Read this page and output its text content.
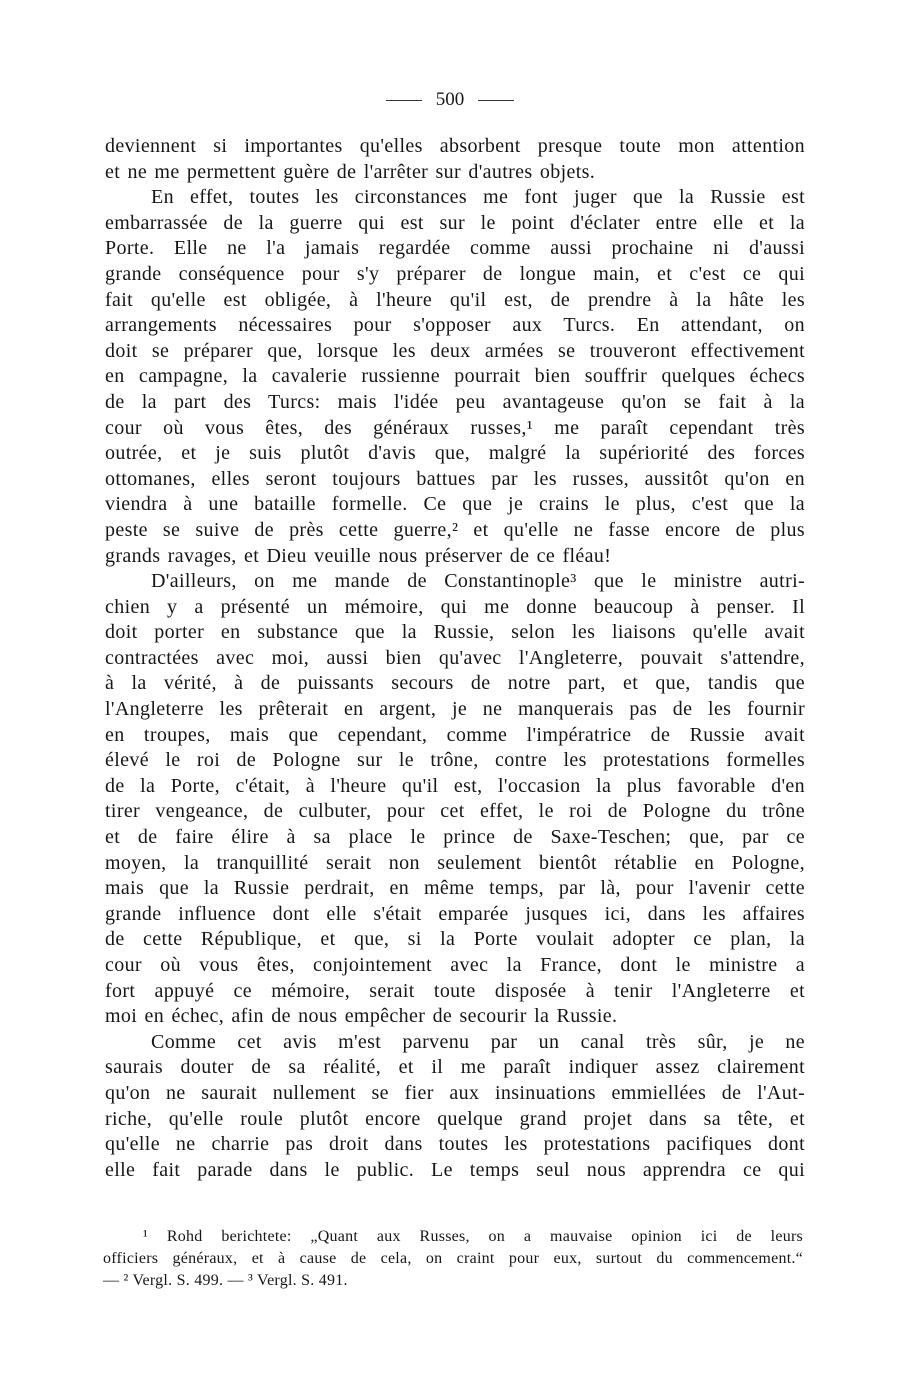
500
deviennent si importantes qu'elles absorbent presque toute mon attention
et ne me permettent guère de l'arrêter sur d'autres objets.
En effet, toutes les circonstances me font juger que la Russie est
embarrassée de la guerre qui est sur le point d'éclater entre elle et la
Porte. Elle ne l'a jamais regardée comme aussi prochaine ni d'aussi
grande conséquence pour s'y préparer de longue main, et c'est ce qui
fait qu'elle est obligée, à l'heure qu'il est, de prendre à la hâte les
arrangements nécessaires pour s'opposer aux Turcs. En attendant, on
doit se préparer que, lorsque les deux armées se trouveront effectivement
en campagne, la cavalerie russienne pourrait bien souffrir quelques échecs
de la part des Turcs: mais l'idée peu avantageuse qu'on se fait à la
cour où vous êtes, des généraux russes,¹ me paraît cependant très
outrée, et je suis plutôt d'avis que, malgré la supériorité des forces
ottomanes, elles seront toujours battues par les russes, aussitôt qu'on en
viendra à une bataille formelle. Ce que je crains le plus, c'est que la
peste se suive de près cette guerre,² et qu'elle ne fasse encore de plus
grands ravages, et Dieu veuille nous préserver de ce fléau!
D'ailleurs, on me mande de Constantinople³ que le ministre autri-
chien y a présenté un mémoire, qui me donne beaucoup à penser. Il
doit porter en substance que la Russie, selon les liaisons qu'elle avait
contractées avec moi, aussi bien qu'avec l'Angleterre, pouvait s'attendre,
à la vérité, à de puissants secours de notre part, et que, tandis que
l'Angleterre les prêterait en argent, je ne manquerais pas de les fournir
en troupes, mais que cependant, comme l'impératrice de Russie avait
élevé le roi de Pologne sur le trône, contre les protestations formelles
de la Porte, c'était, à l'heure qu'il est, l'occasion la plus favorable d'en
tirer vengeance, de culbuter, pour cet effet, le roi de Pologne du trône
et de faire élire à sa place le prince de Saxe-Teschen; que, par ce
moyen, la tranquillité serait non seulement bientôt rétablie en Pologne,
mais que la Russie perdrait, en même temps, par là, pour l'avenir cette
grande influence dont elle s'était emparée jusques ici, dans les affaires
de cette République, et que, si la Porte voulait adopter ce plan, la
cour où vous êtes, conjointement avec la France, dont le ministre a
fort appuyé ce mémoire, serait toute disposée à tenir l'Angleterre et
moi en échec, afin de nous empêcher de secourir la Russie.
Comme cet avis m'est parvenu par un canal très sûr, je ne
saurais douter de sa réalité, et il me paraît indiquer assez clairement
qu'on ne saurait nullement se fier aux insinuations emmiellées de l'Aut-
riche, qu'elle roule plutôt encore quelque grand projet dans sa tête, et
qu'elle ne charrie pas droit dans toutes les protestations pacifiques dont
elle fait parade dans le public. Le temps seul nous apprendra ce qui
¹ Rohd berichtete: „Quant aux Russes, on a mauvaise opinion ici de leurs
officiers généraux, et à cause de cela, on craint pour eux, surtout du commencement.“
— ² Vergl. S. 499. — ³ Vergl. S. 491.
